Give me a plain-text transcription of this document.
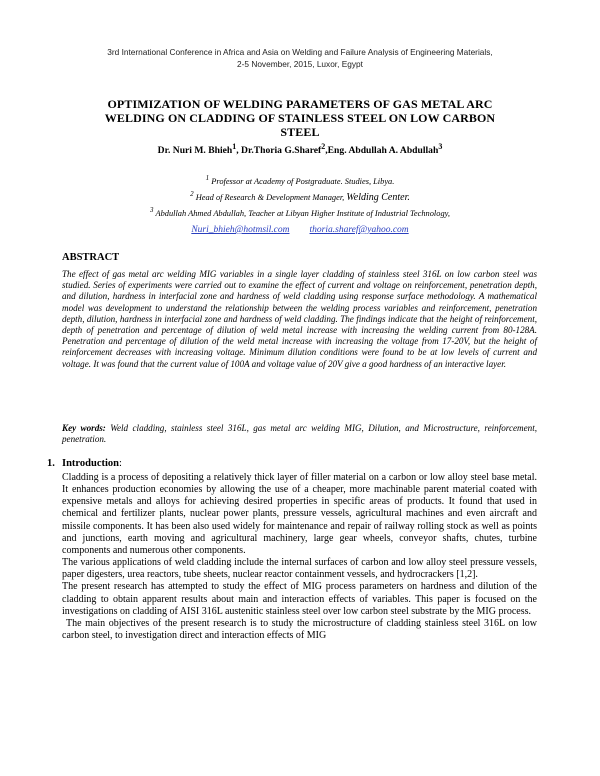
3rd International Conference in Africa and Asia on Welding and Failure Analysis of Engineering Materials,
2-5 November, 2015, Luxor, Egypt
OPTIMIZATION OF WELDING PARAMETERS OF GAS METAL ARC WELDING ON CLADDING OF STAINLESS STEEL ON LOW CARBON STEEL
Dr. Nuri M. Bhieh$^1$, Dr.Thoria G.Sharef$^2$,Eng. Abdullah A. Abdullah$^3$
$^1$ Professor at Academy of Postgraduate. Studies, Libya.
$^2$ Head of Research & Development Manager, Welding Center.
$^3$ Abdullah Ahmed Abdullah, Teacher at Libyan Higher Institute of Industrial Technology,
Nuri_bhieh@hotmsil.com thoria.sharef@yahoo.com
ABSTRACT
The effect of gas metal arc welding MIG variables in a single layer cladding of stainless steel 316L on low carbon steel was studied. Series of experiments were carried out to examine the effect of current and voltage on reinforcement, penetration depth, and dilution, hardness in interfacial zone and hardness of weld cladding using response surface methodology. A mathematical model was development to understand the relationship between the welding process variables and reinforcement, penetration depth, dilution, hardness in interfacial zone and hardness of weld cladding. The findings indicate that the height of reinforcement, depth of penetration and percentage of dilution of weld metal increase with increasing the welding current from 80-128A. Penetration and percentage of dilution of the weld metal increase with increasing the voltage from 17-20V, but the height of reinforcement decreases with increasing voltage. Minimum dilution conditions were found to be at low levels of current and voltage. It was found that the current value of 100A and voltage value of 20V give a good hardness of an interactive layer.
Key words: Weld cladding, stainless steel 316L, gas metal arc welding MIG, Dilution, and Microstructure, reinforcement, penetration.
1. Introduction:

Cladding is a process of depositing a relatively thick layer of filler material on a carbon or low alloy steel base metal. It enhances production economies by allowing the use of a cheaper, more machinable parent material coated with expensive metals and alloys for achieving desired properties in specific areas of products. It found that used in chemical and fertilizer plants, nuclear power plants, pressure vessels, agricultural machines and even aircraft and missile components. It has been also used widely for maintenance and repair of railway rolling stock as well as points and junctions, earth moving and agricultural machinery, large gear wheels, conveyor shafts, chutes, turbine components and numerous other components.

The various applications of weld cladding include the internal surfaces of carbon and low alloy steel pressure vessels, paper digesters, urea reactors, tube sheets, nuclear reactor containment vessels, and hydrocrackers [1,2].

The present research has attempted to study the effect of MIG process parameters on hardness and dilution of the cladding to obtain apparent results about main and interaction effects of variables. This paper is focused on the investigations on cladding of AISI 316L austenitic stainless steel over low carbon steel substrate by the MIG process.

The main objectives of the present research is to study the microstructure of cladding stainless steel 316L on low carbon steel, to investigation direct and interaction effects of MIG
